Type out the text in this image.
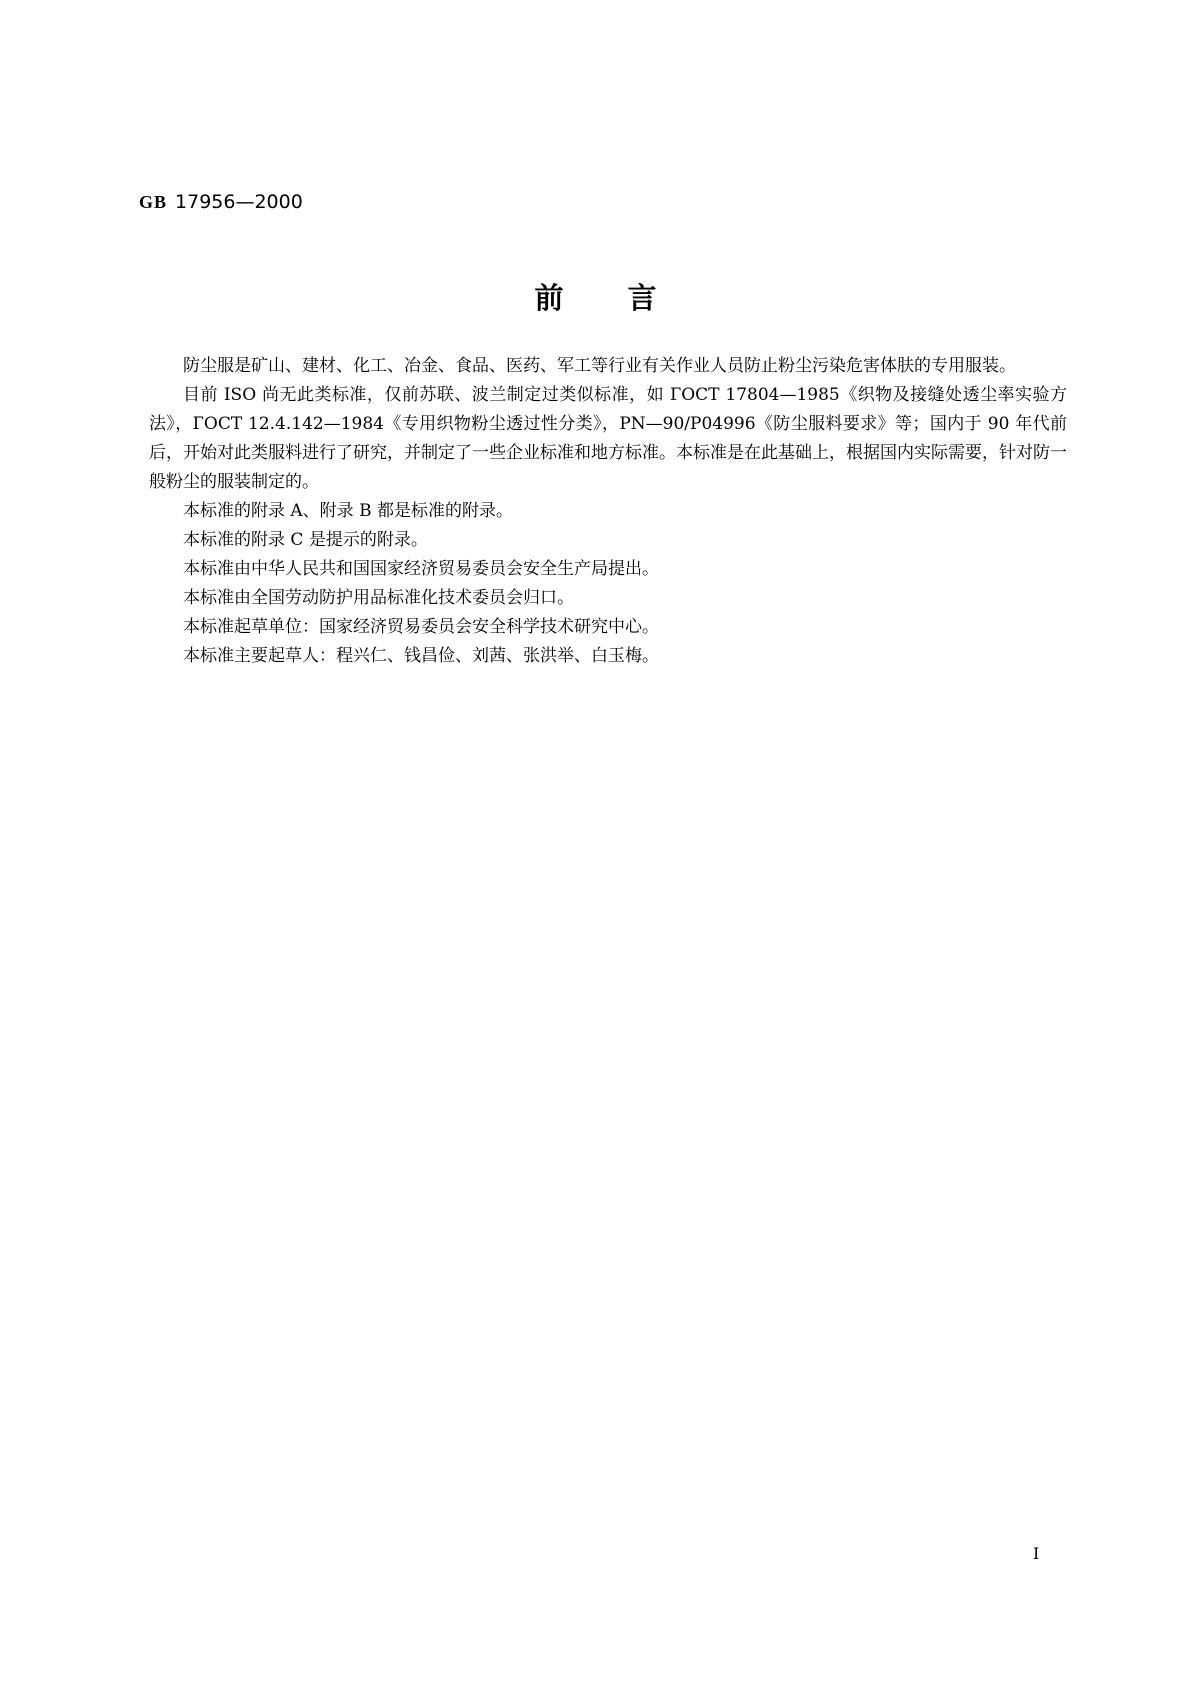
GB 17956—2000
前言

防尘服是矿山、建材、化工、冶金、食品、医药、军工等行业有关作业人员防止粉尘污染危害体肤的专用服装。

目前 ISO 尚无此类标准，仅前苏联、波兰制定过类似标准，如 ГОСТ 17804—1985《织物及接缝处透尘率实验方法》，ГОСТ 12.4.142—1984《专用织物粉尘透过性分类》，PN—90/P04996《防尘服料要求》等；国内于 90 年代前后，开始对此类服料进行了研究，并制定了一些企业标准和地方标准。本标准是在此基础上，根据国内实际需要，针对防一般粉尘的服装制定的。

本标准的附录 A、附录 B 都是标准的附录。

本标准的附录 C 是提示的附录。

本标准由中华人民共和国国家经济贸易委员会安全生产局提出。

本标准由全国劳动防护用品标准化技术委员会归口。

本标准起草单位：国家经济贸易委员会安全科学技术研究中心。

本标准主要起草人：程兴仁、钱昌俭、刘茜、张洪举、白玉梅。

I
